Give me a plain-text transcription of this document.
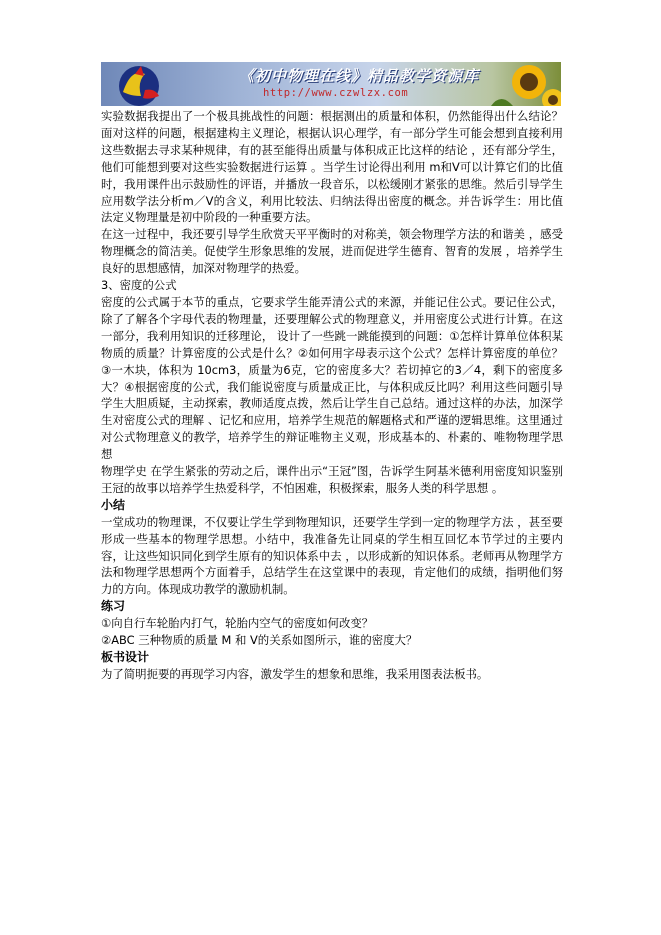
《初中物理在线》精品教学资源库
http://www.czwlzx.com

实验数据我提出了一个极具挑战性的问题：根据测出的质量和体积，仍然能得出什么结论？面对这样的问题，根据建构主义理论，根据认识心理学，有一部分学生可能会想到直接利用这些数据去寻求某种规律，有的甚至能得出质量与体积成正比这样的结论 ，还有部分学生，他们可能想到要对这些实验数据进行运算 。当学生讨论得出利用 m和V可以计算它们的比值时，我用课件出示鼓励性的评语，并播放一段音乐，以松缓刚才紧张的思维。然后引导学生应用数学法分析m／V的含义，利用比较法、归纳法得出密度的概念。并告诉学生：用比值法定义物理量是初中阶段的一种重要方法。

在这一过程中，我还要引导学生欣赏天平平衡时的对称美，领会物理学方法的和谐美 ，感受物理概念的简洁美。促使学生形象思维的发展，进而促进学生德育、智育的发展 ，培养学生良好的思想感情，加深对物理学的热爱。

3、密度的公式

密度的公式属于本节的重点，它要求学生能弄清公式的来源，并能记住公式。要记住公式，除了了解各个字母代表的物理量，还要理解公式的物理意义，并用密度公式进行计算。在这一部分，我利用知识的迁移理论， 设计了一些跳一跳能摸到的问题：①怎样计算单位体积某物质的质量？计算密度的公式是什么？②如何用字母表示这个公式？怎样计算密度的单位？③一木块，体积为 10cm3，质量为6克，它的密度多大？若切掉它的3／4，剩下的密度多大？④根据密度的公式，我们能说密度与质量成正比，与体积成反比吗？利用这些问题引导学生大胆质疑，主动探索，教师适度点拨，然后让学生自己总结。通过这样的办法，加深学生对密度公式的理解 、记忆和应用，培养学生规范的解题格式和严谨的逻辑思维。这里通过对公式物理意义的教学，培养学生的辩证唯物主义观，形成基本的、朴素的、唯物物理学思想

物理学史 在学生紧张的劳动之后，课件出示“王冠”图，告诉学生阿基米德利用密度知识鉴别王冠的故事以培养学生热爱科学，不怕困难，积极探索，服务人类的科学思想 。

小结

一堂成功的物理课，不仅要让学生学到物理知识，还要学生学到一定的物理学方法 ，甚至要形成一些基本的物理学思想。小结中，我准备先让同桌的学生相互回忆本节学过的主要内容，让这些知识同化到学生原有的知识体系中去 ，以形成新的知识体系。老师再从物理学方法和物理学思想两个方面着手，总结学生在这堂课中的表现，肯定他们的成绩，指明他们努力的方向。体现成功教学的激励机制。

练习

①向自行车轮胎内打气，轮胎内空气的密度如何改变？

②ABC 三种物质的质量 M 和 V的关系如图所示，谁的密度大？

板书设计

为了简明扼要的再现学习内容，激发学生的想象和思维，我采用图表法板书。
